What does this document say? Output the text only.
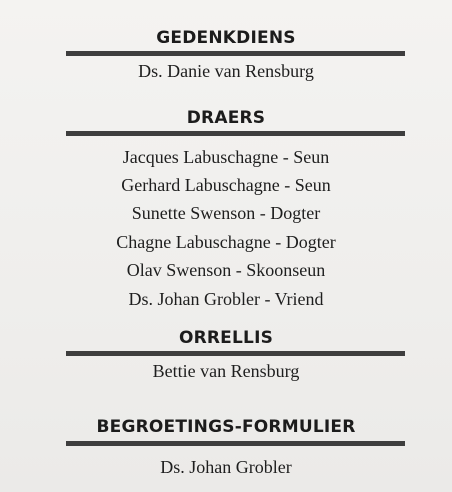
GEDENKDIENS
Ds. Danie van Rensburg
DRAERS
Jacques Labuschagne - Seun
Gerhard Labuschagne - Seun
Sunette Swenson - Dogter
Chagne Labuschagne - Dogter
Olav Swenson - Skoonseun
Ds. Johan Grobler - Vriend
ORRELLIS
Bettie van Rensburg
BEGROETINGS-FORMULIER
Ds. Johan Grobler
